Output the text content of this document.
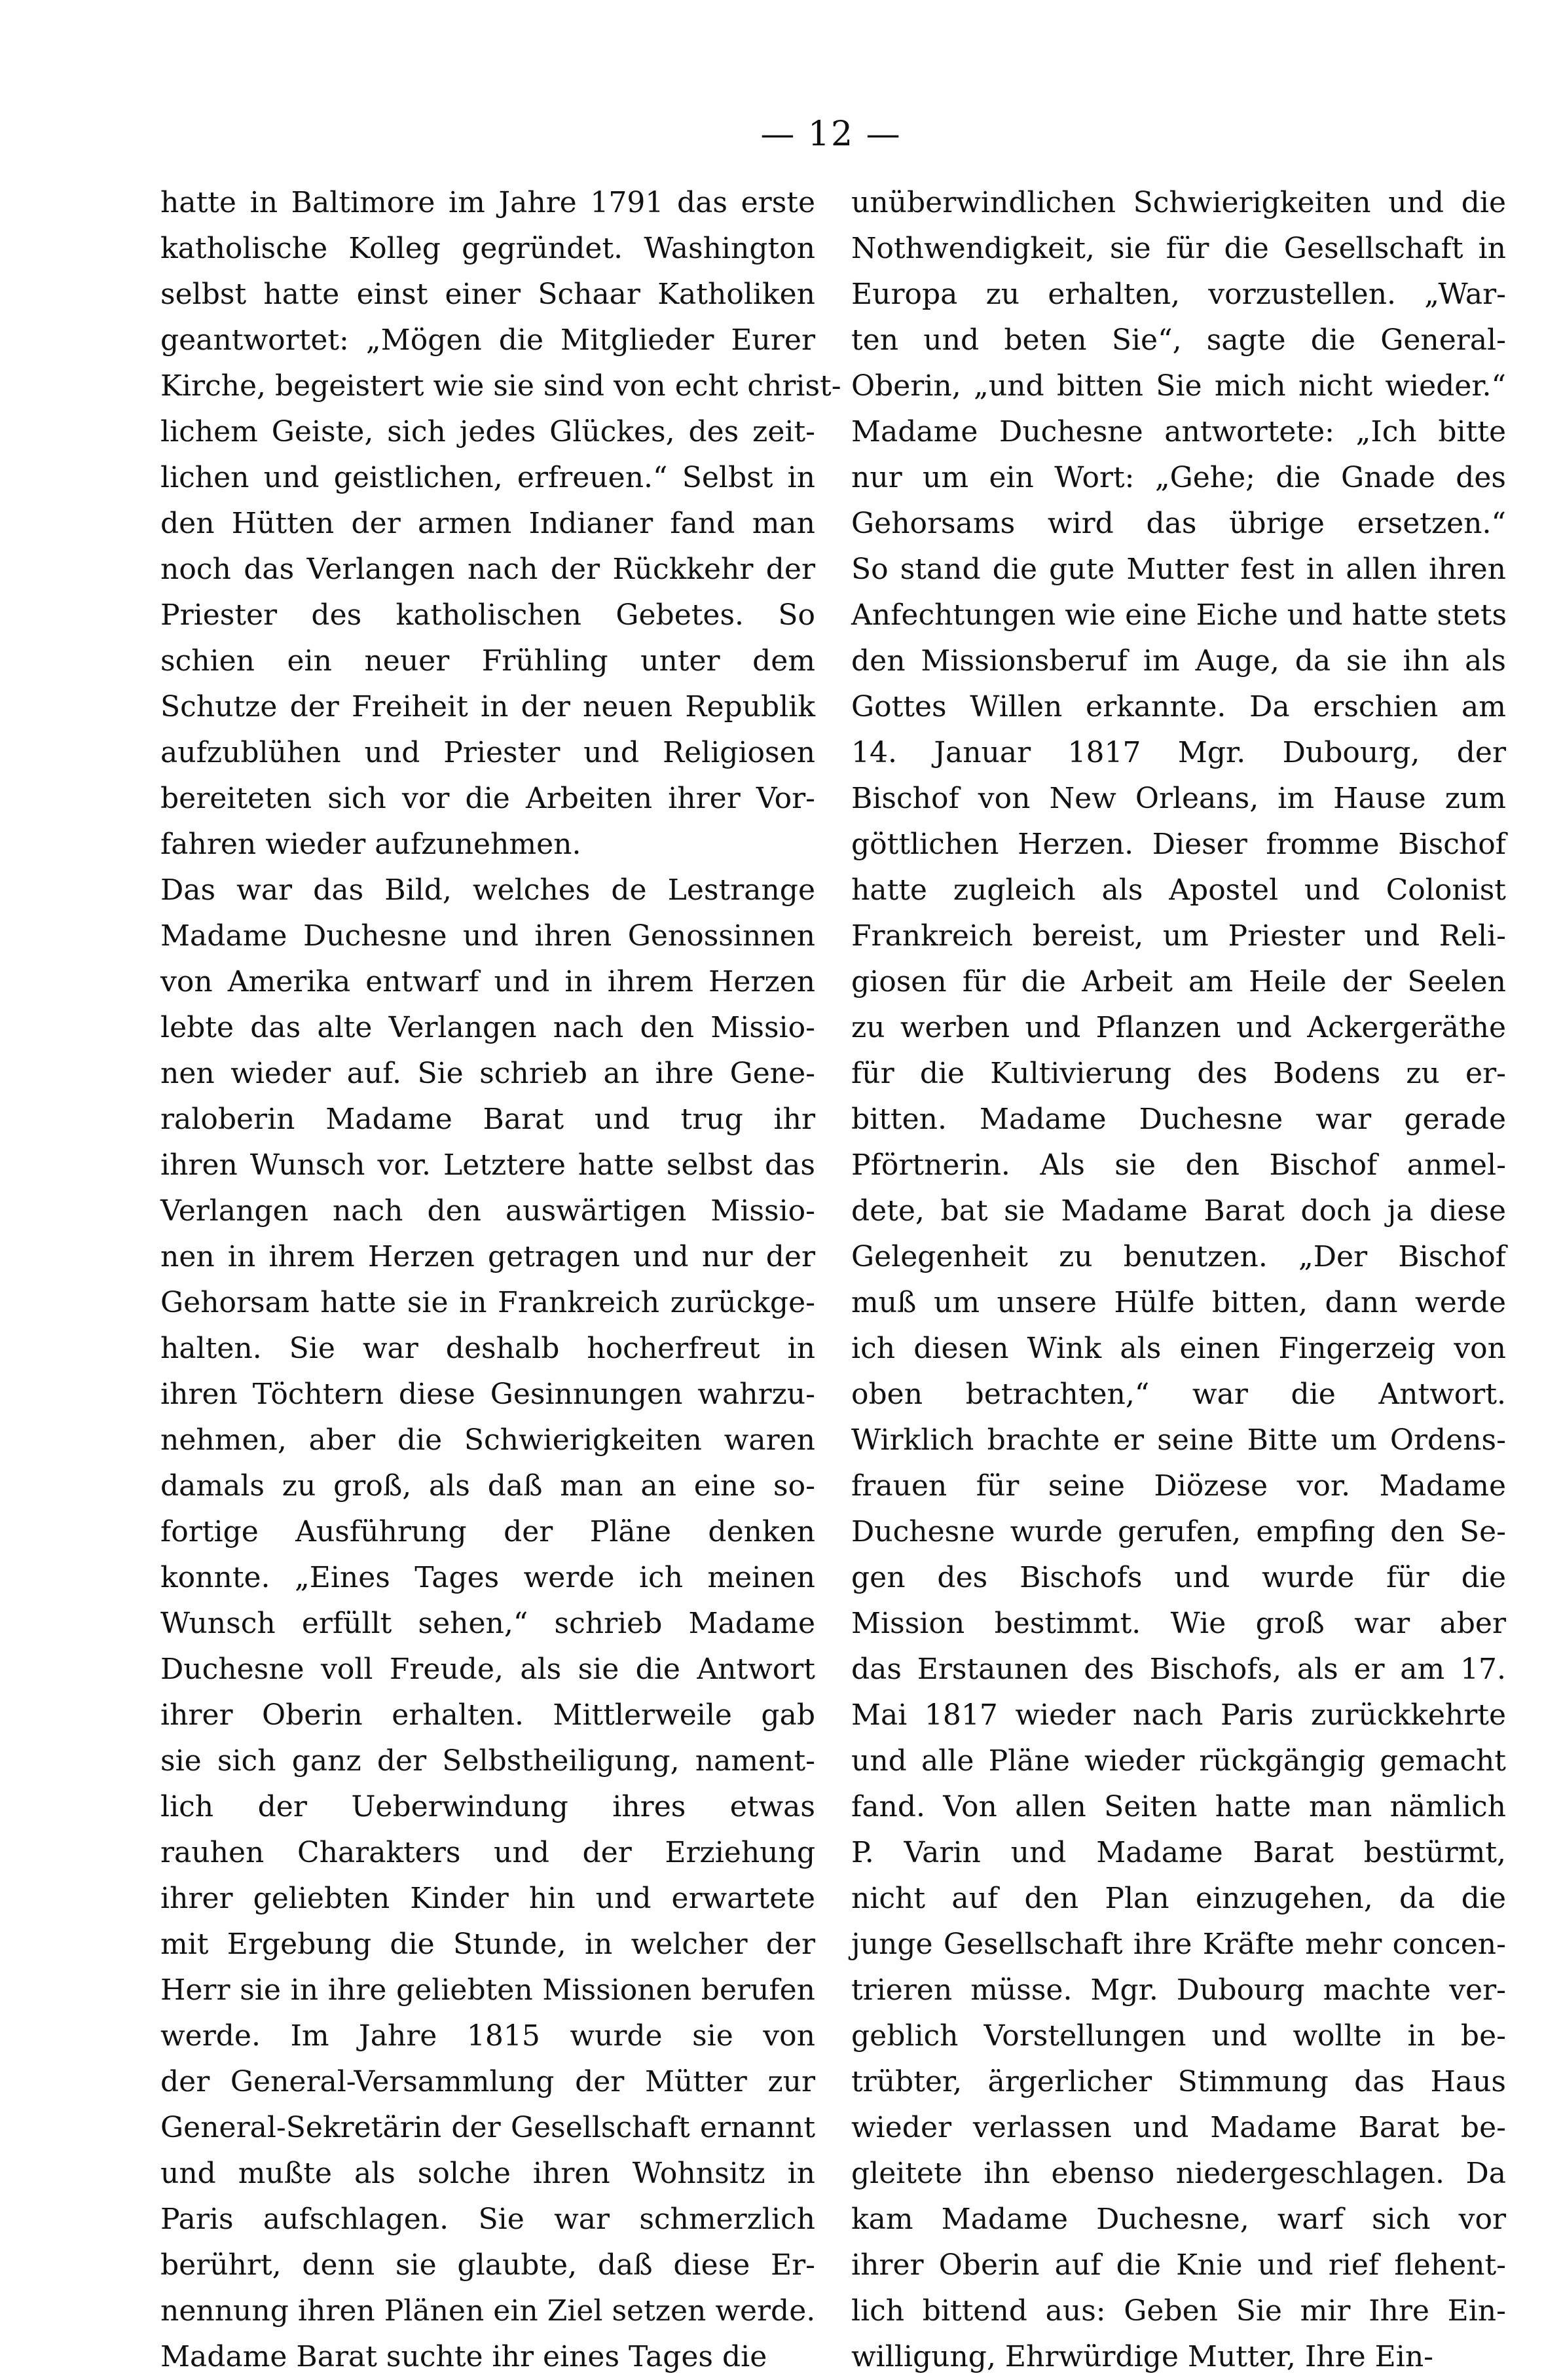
— 12 —
hatte in Baltimore im Jahre 1791 das erste
katholische Kolleg gegründet. Washington
selbst hatte einst einer Schaar Katholiken
geantwortet: „Mögen die Mitglieder Eurer
Kirche, begeistert wie sie sind von echt christ-
lichem Geiste, sich jedes Glückes, des zeit-
lichen und geistlichen, erfreuen.“ Selbst in
den Hütten der armen Indianer fand man
noch das Verlangen nach der Rückkehr der
Priester des katholischen Gebetes. So
schien ein neuer Frühling unter dem
Schutze der Freiheit in der neuen Republik
aufzublühen und Priester und Religiosen
bereiteten sich vor die Arbeiten ihrer Vor-
fahren wieder aufzunehmen.
Das war das Bild, welches de Lestrange
Madame Duchesne und ihren Genossinnen
von Amerika entwarf und in ihrem Herzen
lebte das alte Verlangen nach den Missio-
nen wieder auf. Sie schrieb an ihre Gene-
raloberin Madame Barat und trug ihr
ihren Wunsch vor. Letztere hatte selbst das
Verlangen nach den auswärtigen Missio-
nen in ihrem Herzen getragen und nur der
Gehorsam hatte sie in Frankreich zurückge-
halten. Sie war deshalb hocherfreut in
ihren Töchtern diese Gesinnungen wahrzu-
nehmen, aber die Schwierigkeiten waren
damals zu groß, als daß man an eine so-
fortige Ausführung der Pläne denken
konnte. „Eines Tages werde ich meinen
Wunsch erfüllt sehen,“ schrieb Madame
Duchesne voll Freude, als sie die Antwort
ihrer Oberin erhalten. Mittlerweile gab
sie sich ganz der Selbstheiligung, nament-
lich der Ueberwindung ihres etwas
rauhen Charakters und der Erziehung
ihrer geliebten Kinder hin und erwartete
mit Ergebung die Stunde, in welcher der
Herr sie in ihre geliebten Missionen berufen
werde. Im Jahre 1815 wurde sie von
der General-Versammlung der Mütter zur
General-Sekretärin der Gesellschaft ernannt
und mußte als solche ihren Wohnsitz in
Paris aufschlagen. Sie war schmerzlich
berührt, denn sie glaubte, daß diese Er-
nennung ihren Plänen ein Ziel setzen werde.
Madame Barat suchte ihr eines Tages die
unüberwindlichen Schwierigkeiten und die
Nothwendigkeit, sie für die Gesellschaft in
Europa zu erhalten, vorzustellen. „War-
ten und beten Sie“, sagte die General-
Oberin, „und bitten Sie mich nicht wieder.“
Madame Duchesne antwortete: „Ich bitte
nur um ein Wort: „Gehe; die Gnade des
Gehorsams wird das übrige ersetzen.“
So stand die gute Mutter fest in allen ihren
Anfechtungen wie eine Eiche und hatte stets
den Missionsberuf im Auge, da sie ihn als
Gottes Willen erkannte. Da erschien am
14. Januar 1817 Mgr. Dubourg, der
Bischof von New Orleans, im Hause zum
göttlichen Herzen. Dieser fromme Bischof
hatte zugleich als Apostel und Colonist
Frankreich bereist, um Priester und Reli-
giosen für die Arbeit am Heile der Seelen
zu werben und Pflanzen und Ackergeräthe
für die Kultivierung des Bodens zu er-
bitten. Madame Duchesne war gerade
Pförtnerin. Als sie den Bischof anmel-
dete, bat sie Madame Barat doch ja diese
Gelegenheit zu benutzen. „Der Bischof
muß um unsere Hülfe bitten, dann werde
ich diesen Wink als einen Fingerzeig von
oben betrachten,“ war die Antwort.
Wirklich brachte er seine Bitte um Ordens-
frauen für seine Diözese vor. Madame
Duchesne wurde gerufen, empfing den Se-
gen des Bischofs und wurde für die
Mission bestimmt. Wie groß war aber
das Erstaunen des Bischofs, als er am 17.
Mai 1817 wieder nach Paris zurückkehrte
und alle Pläne wieder rückgängig gemacht
fand. Von allen Seiten hatte man nämlich
P. Varin und Madame Barat bestürmt,
nicht auf den Plan einzugehen, da die
junge Gesellschaft ihre Kräfte mehr concen-
trieren müsse. Mgr. Dubourg machte ver-
geblich Vorstellungen und wollte in be-
trübter, ärgerlicher Stimmung das Haus
wieder verlassen und Madame Barat be-
gleitete ihn ebenso niedergeschlagen. Da
kam Madame Duchesne, warf sich vor
ihrer Oberin auf die Knie und rief flehent-
lich bittend aus: Geben Sie mir Ihre Ein-
willigung, Ehrwürdige Mutter, Ihre Ein-
